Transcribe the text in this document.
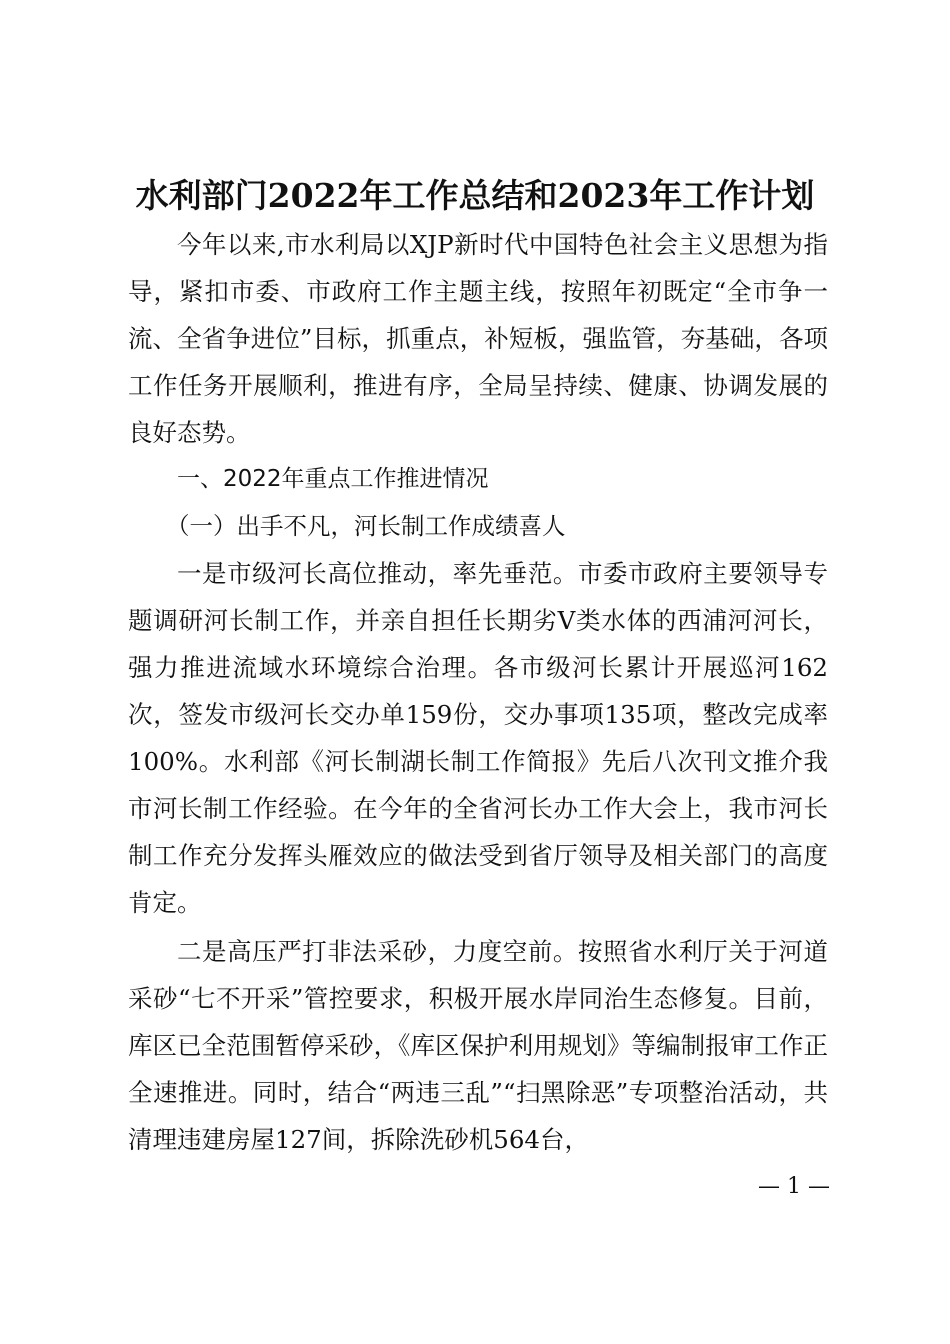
水利部门2022年工作总结和2023年工作计划

今年以来,市水利局以XJP新时代中国特色社会主义思想为指导，紧扣市委、市政府工作主题主线，按照年初既定“全市争一流、全省争进位”目标，抓重点，补短板，强监管，夯基础，各项工作任务开展顺利，推进有序，全局呈持续、健康、协调发展的良好态势。

一、2022年重点工作推进情况

（一）出手不凡，河长制工作成绩喜人

一是市级河长高位推动，率先垂范。市委市政府主要领导专题调研河长制工作，并亲自担任长期劣Ⅴ类水体的西浦河河长，强力推进流域水环境综合治理。各市级河长累计开展巡河162次，签发市级河长交办单159份，交办事项135项，整改完成率100%。水利部《河长制湖长制工作简报》先后八次刊文推介我市河长制工作经验。在今年的全省河长办工作大会上，我市河长制工作充分发挥头雁效应的做法受到省厅领导及相关部门的高度肯定。

二是高压严打非法采砂，力度空前。按照省水利厅关于河道采砂“七不开采”管控要求，积极开展水岸同治生态修复。目前，库区已全范围暂停采砂，《库区保护利用规划》等编制报审工作正全速推进。同时，结合“两违三乱”“扫黑除恶”专项整治活动，共清理违建房屋127间，拆除洗砂机564台，

— 1 —
